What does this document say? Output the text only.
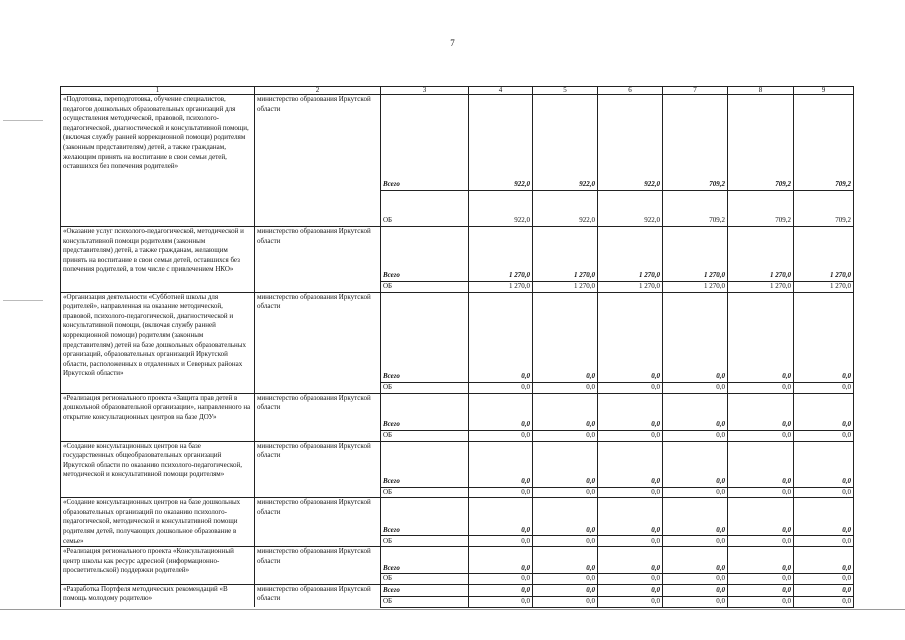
7
1	2	3	4	5	6	7	8	9
«Подготовка, переподготовка, обучение специалистов, педагогов дошкольных образовательных организаций для осуществления методической, правовой, психолого-педагогической, диагностической и консультативной помощи, (включая службу ранней коррекционной помощи) родителям (законным представителям) детей, а также гражданам, желающим принять на воспитание в свои семьи детей, оставшихся без попечения родителей»	министерство образования Иркутской области	Всего	922,0	922,0	922,0	709,2	709,2	709,2
		ОБ	922,0	922,0	922,0	709,2	709,2	709,2
«Оказание услуг психолого-педагогической, методической и консультативной помощи родителям (законным представителям) детей, а также гражданам, желающим принять на воспитание в свои семьи детей, оставшихся без попечения родителей, в том числе с привлечением НКО»	министерство образования Иркутской области	Всего	1 270,0	1 270,0	1 270,0	1 270,0	1 270,0	1 270,0
		ОБ	1 270,0	1 270,0	1 270,0	1 270,0	1 270,0	1 270,0
«Организация деятельности «Субботней школы для родителей», направленная на оказание методической, правовой, психолого-педагогической, диагностической и консультативной помощи, (включая службу ранней коррекционной помощи) родителям (законным представителям) детей на базе дошкольных образовательных организаций, образовательных организаций Иркутской области, расположенных в отдаленных и Северных районах Иркутской области»	министерство образования Иркутской области	Всего	0,0	0,0	0,0	0,0	0,0	0,0
		ОБ	0,0	0,0	0,0	0,0	0,0	0,0
«Реализация регионального проекта «Защита прав детей в дошкольной образовательной организации», направленного на открытие консультационных центров на базе ДОУ»	министерство образования Иркутской области	Всего	0,0	0,0	0,0	0,0	0,0	0,0
		ОБ	0,0	0,0	0,0	0,0	0,0	0,0
«Создание консультационных центров на базе государственных общеобразовательных организаций Иркутской области по оказанию психолого-педагогической, методической и консультативной помощи родителям»	министерство образования Иркутской области	Всего	0,0	0,0	0,0	0,0	0,0	0,0
		ОБ	0,0	0,0	0,0	0,0	0,0	0,0
«Создание консультационных центров на базе дошкольных образовательных организаций по оказанию психолого-педагогической, методической и консультативной помощи родителям детей, получающих дошкольное образование в семье»	министерство образования Иркутской области	Всего	0,0	0,0	0,0	0,0	0,0	0,0
		ОБ	0,0	0,0	0,0	0,0	0,0	0,0
«Реализация регионального проекта «Консультационный центр школы как ресурс адресной (информационно-просветительской) поддержки родителей»	министерство образования Иркутской области	Всего	0,0	0,0	0,0	0,0	0,0	0,0
		ОБ	0,0	0,0	0,0	0,0	0,0	0,0
«Разработка Портфеля методических рекомендаций «В помощь молодому родителю»	министерство образования Иркутской области	Всего	0,0	0,0	0,0	0,0	0,0	0,0
		ОБ	0,0	0,0	0,0	0,0	0,0	0,0
